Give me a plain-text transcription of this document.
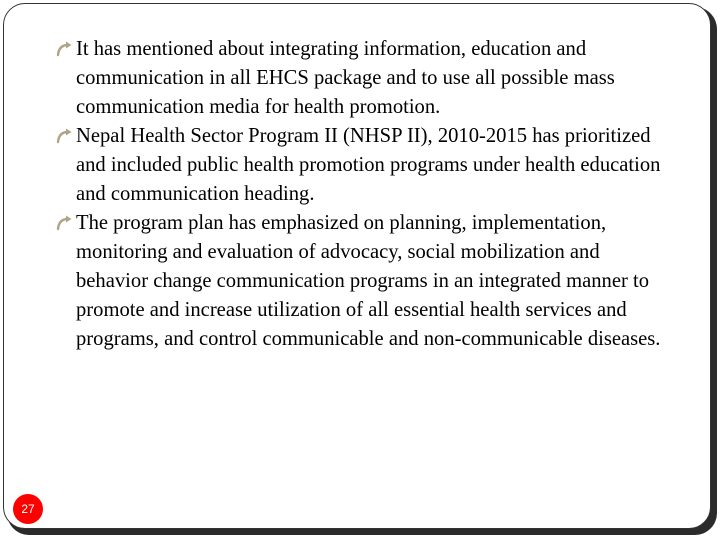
It has mentioned about integrating information, education and communication in all EHCS package and to use all possible mass communication media for health promotion.
Nepal Health Sector Program II (NHSP II), 2010-2015 has prioritized and included public health promotion programs under health education and communication heading.
The program plan has emphasized on planning, implementation, monitoring and evaluation of advocacy, social mobilization and behavior change communication programs in an integrated manner to promote and increase utilization of all essential health services and programs, and control communicable and non-communicable diseases.
27
